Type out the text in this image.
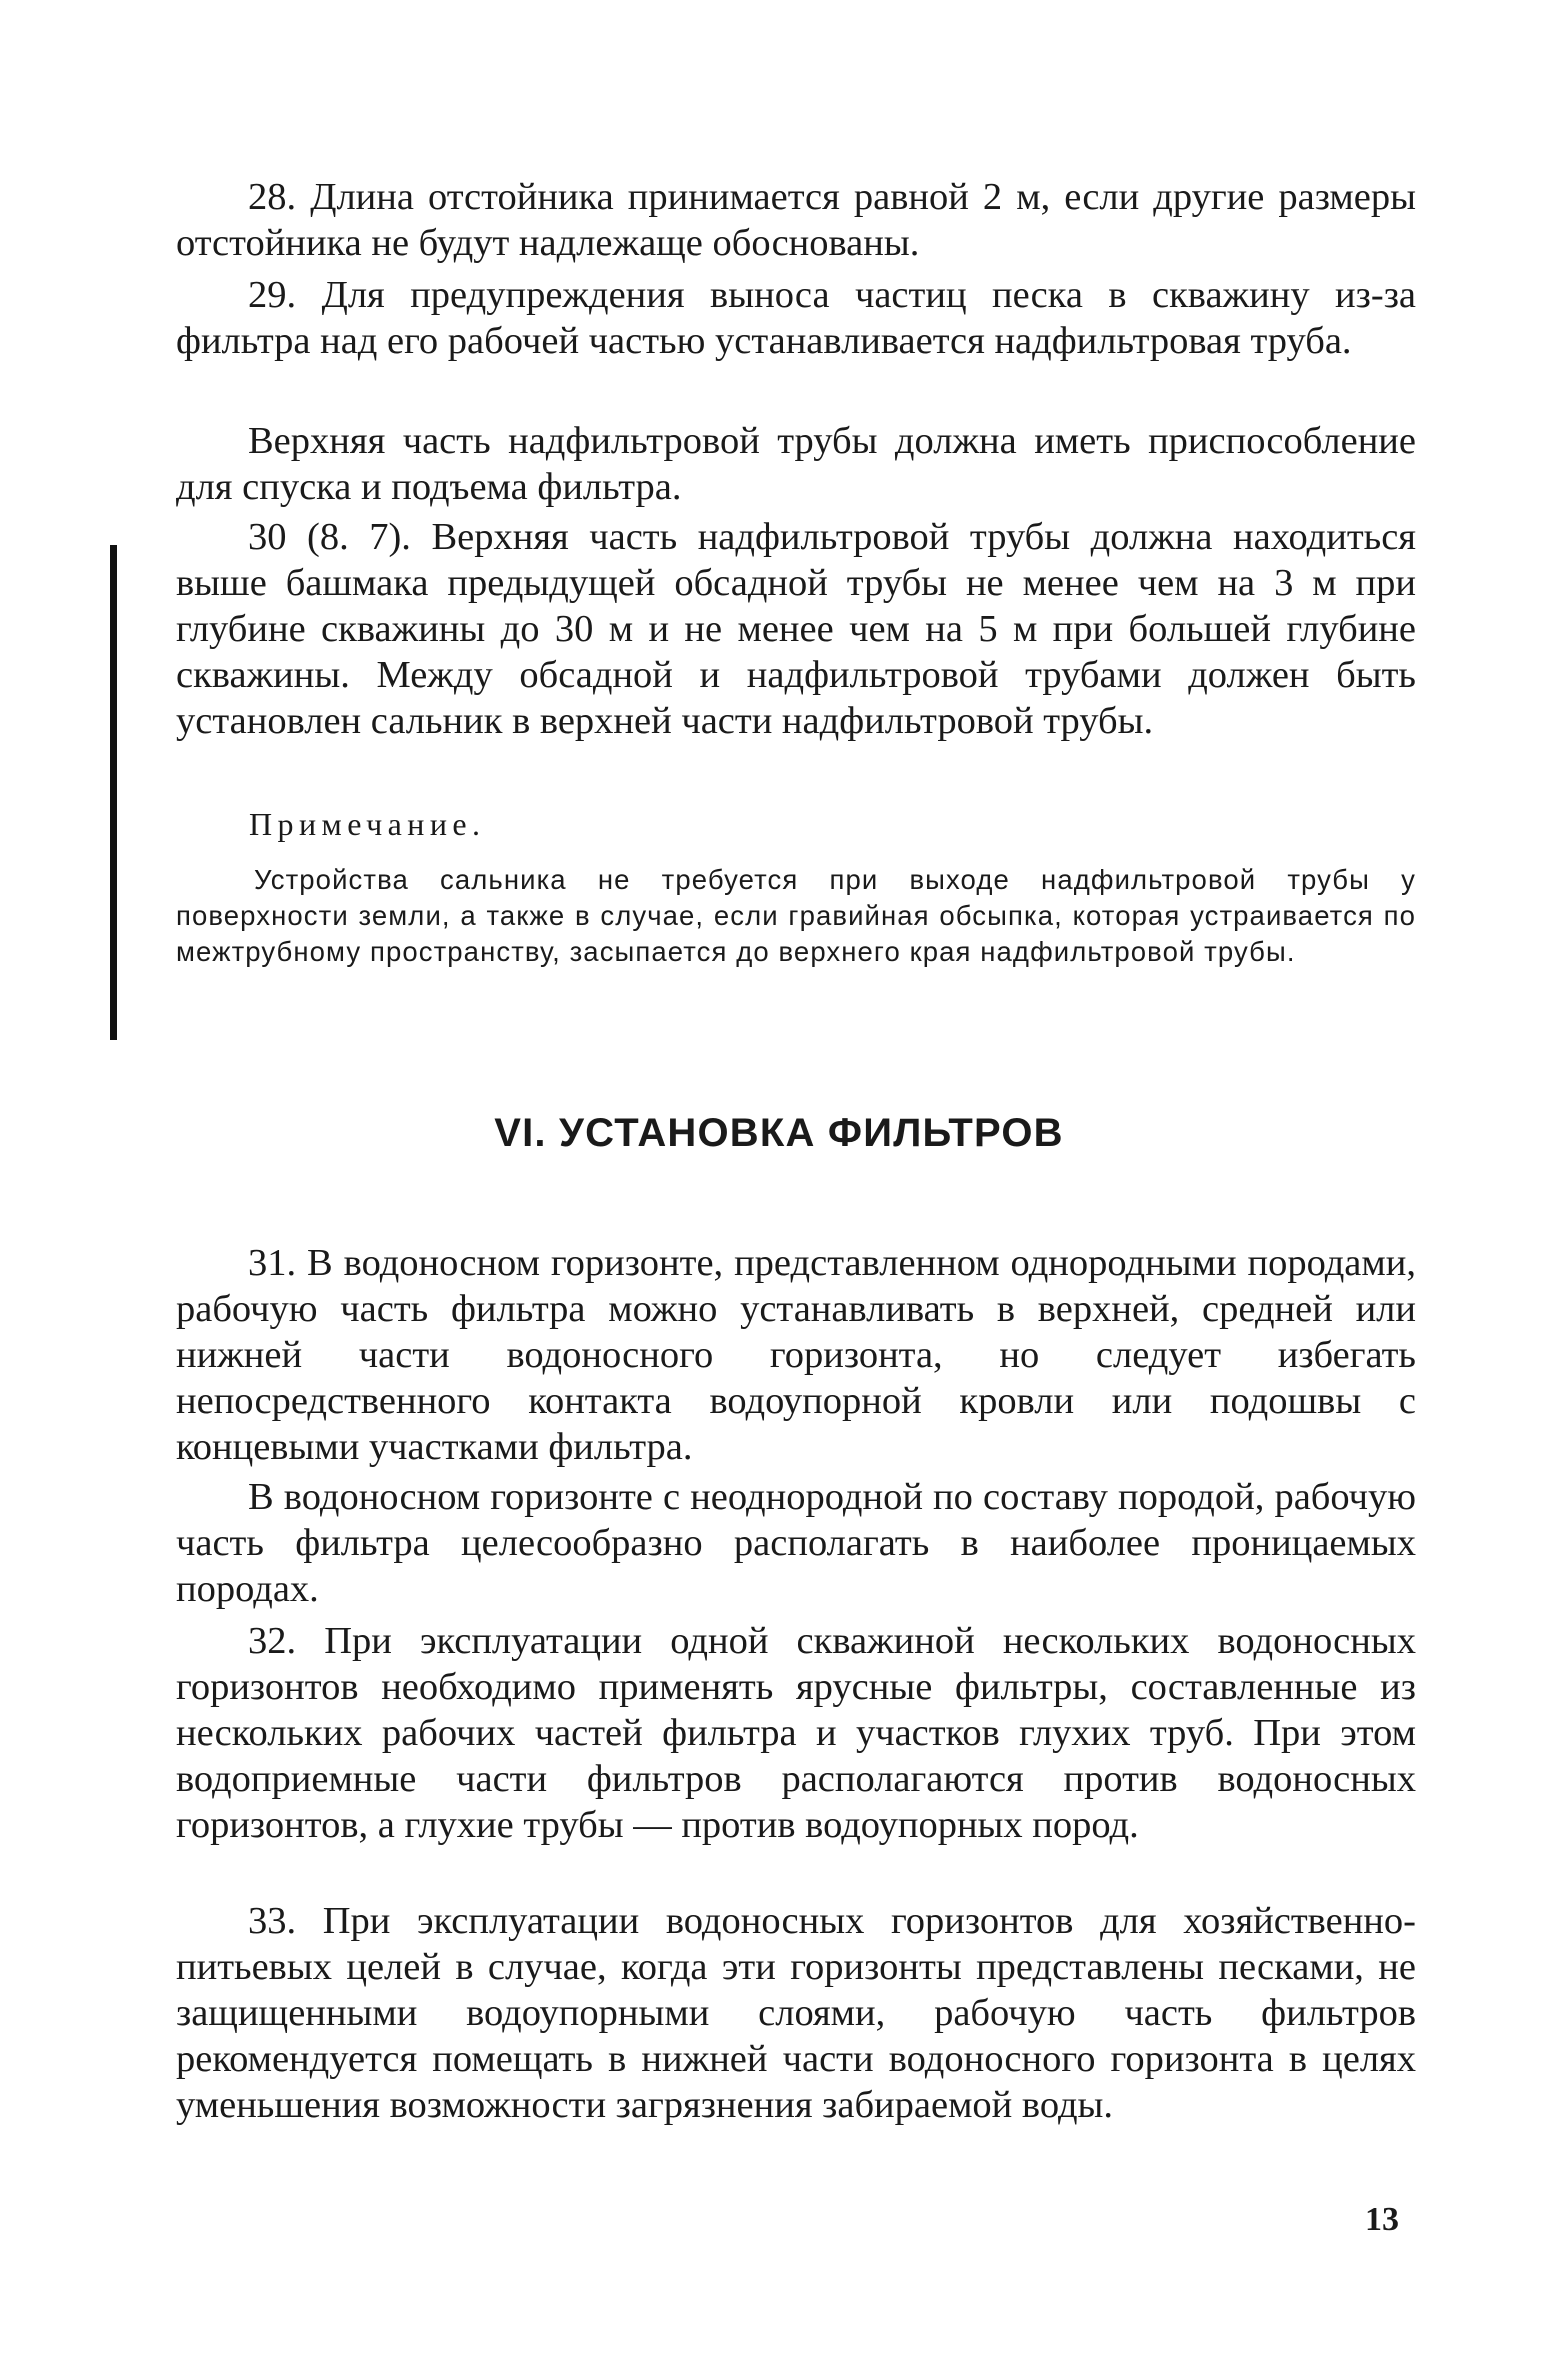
28. Длина отстойника принимается равной 2 м, если другие размеры отстойника не будут надлежаще обоснованы.

29. Для предупреждения выноса частиц песка в скважину из-за фильтра над его рабочей частью устанавливается надфильтровая труба.

Верхняя часть надфильтровой трубы должна иметь приспособление для спуска и подъема фильтра.

30 (8. 7). Верхняя часть надфильтровой трубы должна находиться выше башмака предыдущей обсадной трубы не менее чем на 3 м при глубине скважины до 30 м и не менее чем на 5 м при большей глубине скважины. Между обсадной и надфильтровой трубами должен быть установлен сальник в верхней части надфильтровой трубы.

Примечание.

Устройства сальника не требуется при выходе надфильтровой трубы у поверхности земли, а также в случае, если гравийная обсыпка, которая устраивается по межтрубному пространству, засыпается до верхнего края надфильтровой трубы.

VI. УСТАНОВКА ФИЛЬТРОВ

31. В водоносном горизонте, представленном однородными породами, рабочую часть фильтра можно устанавливать в верхней, средней или нижней части водоносного горизонта, но следует избегать непосредственного контакта водоупорной кровли или подошвы с концевыми участками фильтра.

В водоносном горизонте с неоднородной по составу породой, рабочую часть фильтра целесообразно располагать в наиболее проницаемых породах.

32. При эксплуатации одной скважиной нескольких водоносных горизонтов необходимо применять ярусные фильтры, составленные из нескольких рабочих частей фильтра и участков глухих труб. При этом водоприемные части фильтров располагаются против водоносных горизонтов, а глухие трубы — против водоупорных пород.

33. При эксплуатации водоносных горизонтов для хозяйственно-питьевых целей в случае, когда эти горизонты представлены песками, не защищенными водоупорными слоями, рабочую часть фильтров рекомендуется помещать в нижней части водоносного горизонта в целях уменьшения возможности загрязнения забираемой воды.

13
